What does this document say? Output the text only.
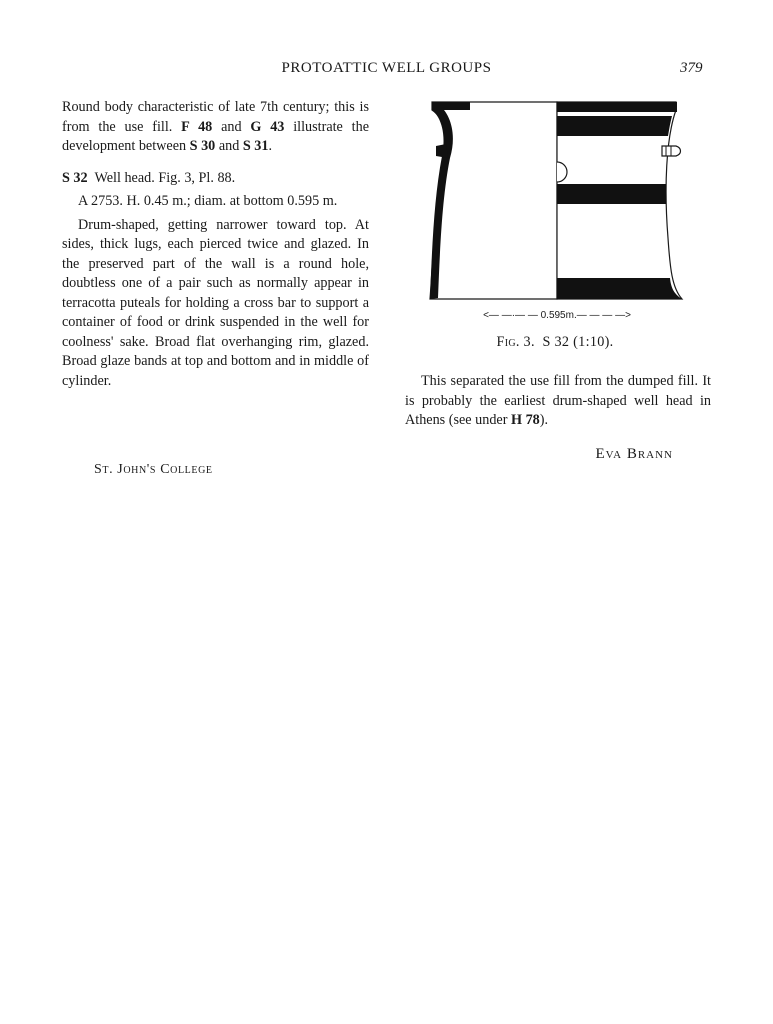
PROTOATTIC WELL GROUPS	379

Round body characteristic of late 7th century; this is from the use fill. F 48 and G 43 illustrate the development between S 30 and S 31.

S 32  Well head. Fig. 3, Pl. 88.

A 2753. H. 0.45 m.; diam. at bottom 0.595 m.

Drum-shaped, getting narrower toward top. At sides, thick lugs, each pierced twice and glazed. In the preserved part of the wall is a round hole, doubtless one of a pair such as normally appear in terracotta puteals for holding a cross bar to support a container of food or drink suspended in the well for coolness' sake. Broad flat overhanging rim, glazed. Broad glaze bands at top and bottom and in middle of cylinder.

<— —·— — 0.595m.— — — —>
Fig. 3.  S 32 (1:10).

This separated the use fill from the dumped fill. It is probably the earliest drum-shaped well head in Athens (see under H 78).

Eva Brann
St. John's College
